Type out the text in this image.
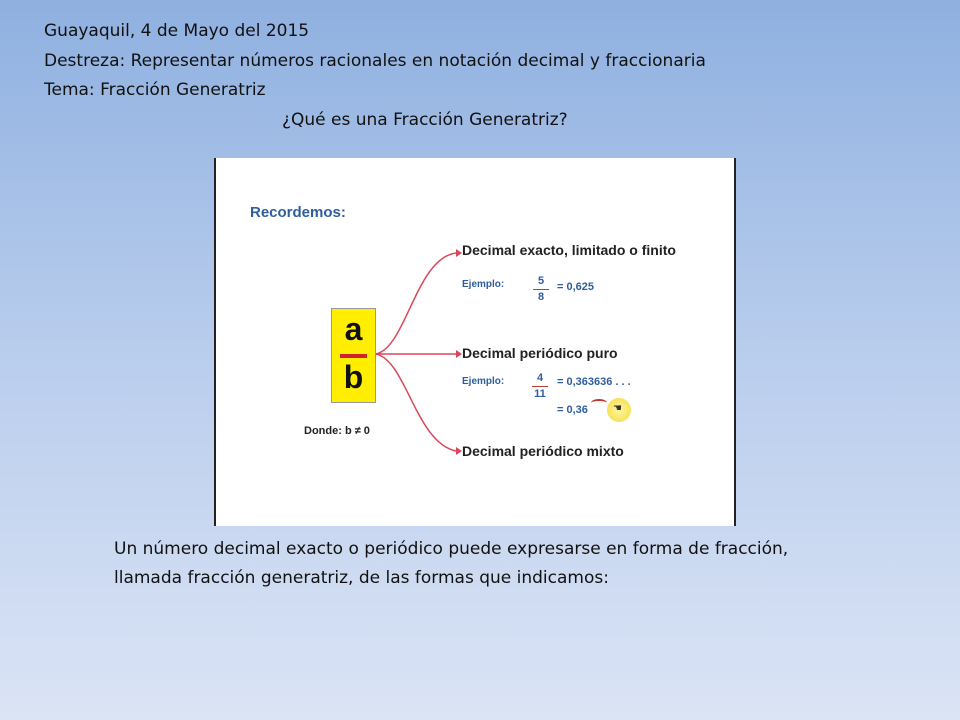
Guayaquil, 4 de Mayo del 2015
Destreza: Representar números racionales en notación decimal y fraccionaria
Tema: Fracción Generatriz
¿Qué es una Fracción Generatriz?
Recordemos:
a
b
Donde: b ≠ 0
Decimal exacto, limitado o finito
Decimal periódico puro
Decimal periódico mixto
Ejemplo:	5
8
= 0,625
Ejemplo:	4
11
= 0,363636 . . .
= 0,36	☚
Un número decimal exacto o periódico puede expresarse en forma de fracción,
llamada fracción generatriz, de las formas que indicamos:
